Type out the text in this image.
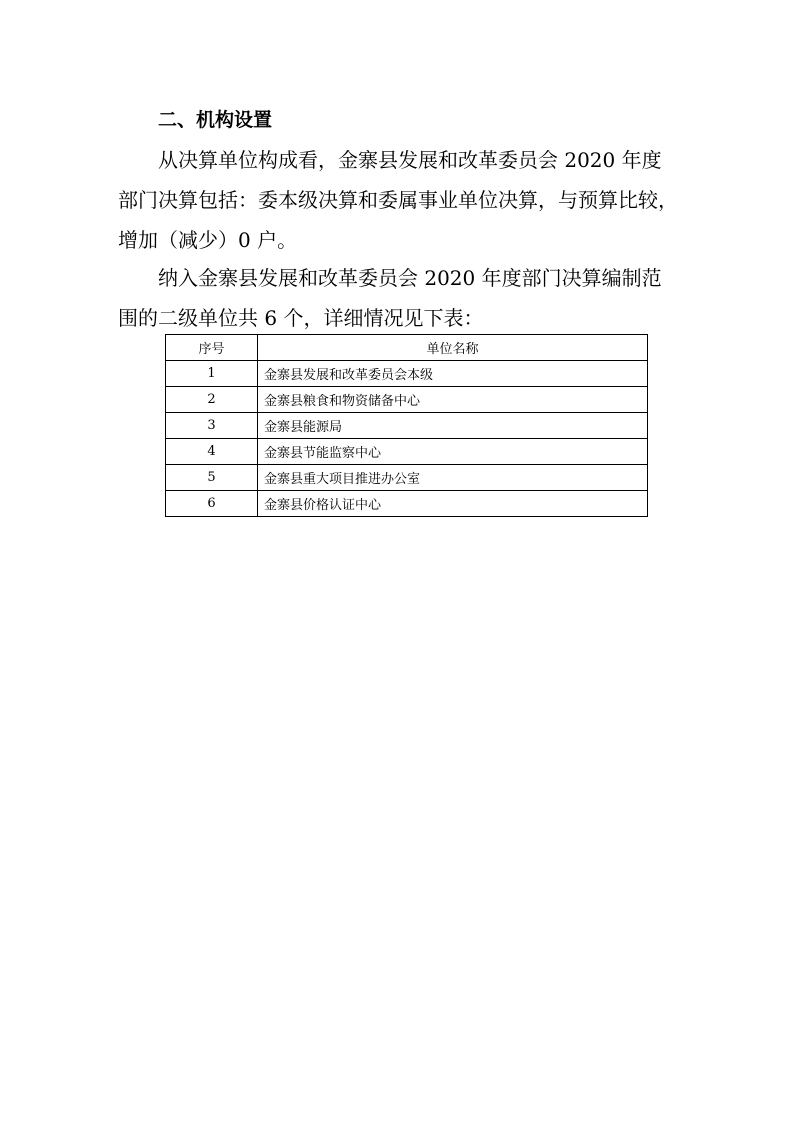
二、机构设置

从决算单位构成看，金寨县发展和改革委员会 2020 年度
部门决算包括：委本级决算和委属事业单位决算，与预算比较，
增加（减少）0 户。

纳入金寨县发展和改革委员会 2020 年度部门决算编制范
围的二级单位共 6 个，详细情况见下表：

序号	单位名称
1	金寨县发展和改革委员会本级
2	金寨县粮食和物资储备中心
3	金寨县能源局
4	金寨县节能监察中心
5	金寨县重大项目推进办公室
6	金寨县价格认证中心
